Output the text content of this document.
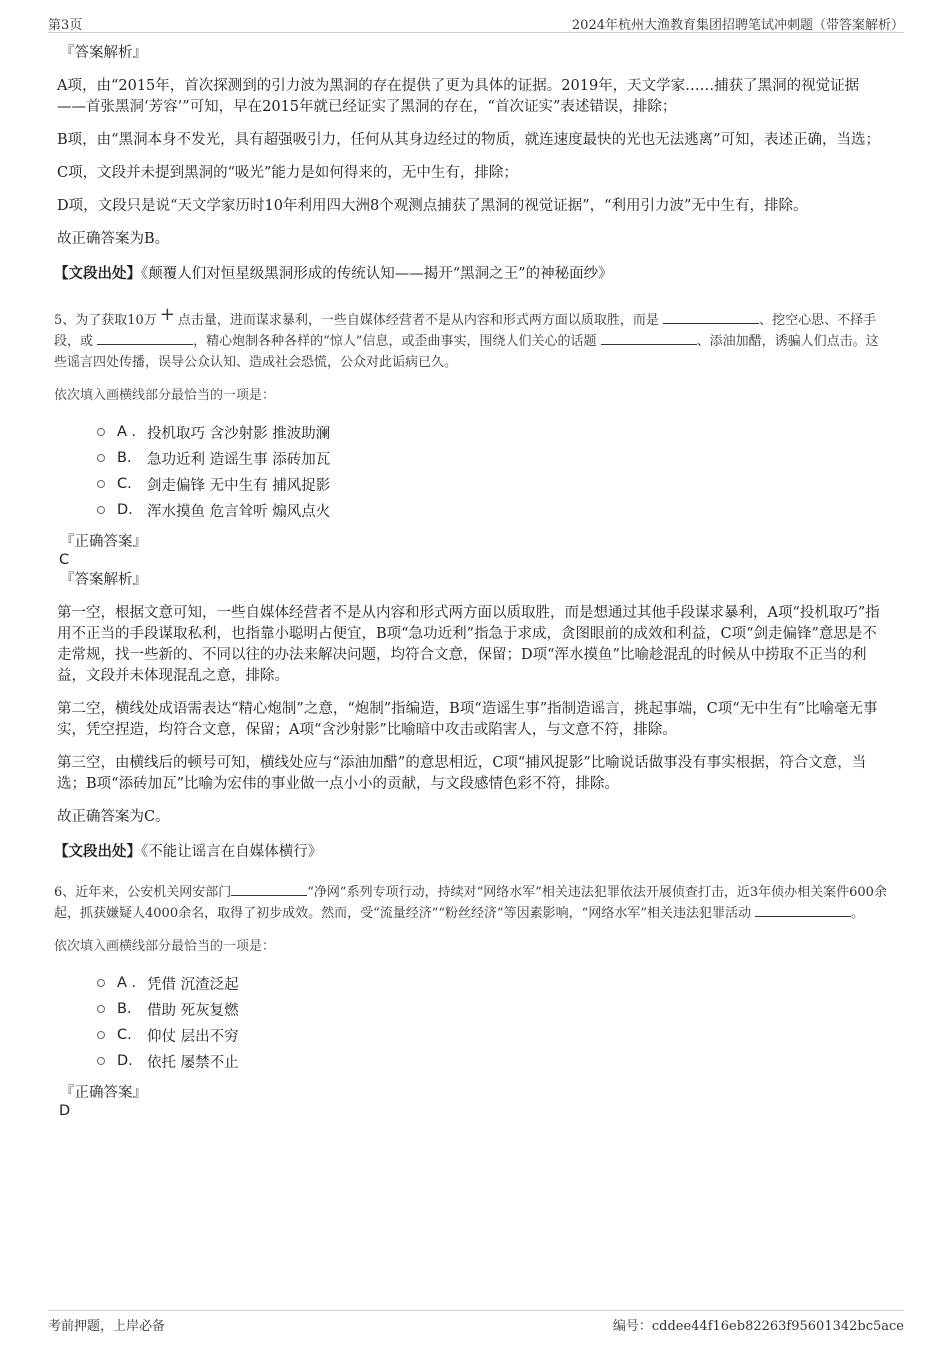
第3页	2024年杭州大渔教育集团招聘笔试冲刺题（带答案解析）
『答案解析』

A项，由“2015年，首次探测到的引力波为黑洞的存在提供了更为具体的证据。2019年，天文学家……捕获了黑洞的视觉证据——首张黑洞‘芳容’”可知，早在2015年就已经证实了黑洞的存在，“首次证实”表述错误，排除；

B项，由“黑洞本身不发光，具有超强吸引力，任何从其身边经过的物质，就连速度最快的光也无法逃离”可知，表述正确，当选；

C项，文段并未提到黑洞的“吸光”能力是如何得来的，无中生有，排除；

D项，文段只是说“天文学家历时10年利用四大洲8个观测点捕获了黑洞的视觉证据”，“利用引力波”无中生有，排除。

故正确答案为B。

【文段出处】《颠覆人们对恒星级黑洞形成的传统认知——揭开“黑洞之王”的神秘面纱》
5、为了获取10万 + 点击量，进而谋求暴利，一些自媒体经营者不是从内容和形式两方面以质取胜，而是	、挖空心思、不择手段，或	，精心炮制各种各样的“惊人”信息，或歪曲事实，围绕人们关心的话题	、添油加醋，诱骗人们点击。这些谣言四处传播，误导公众认知、造成社会恐慌，公众对此诟病已久。
依次填入画横线部分最恰当的一项是：
A . 投机取巧 含沙射影 推波助澜
B.	急功近利 造谣生事 添砖加瓦
C.	剑走偏锋 无中生有 捕风捉影
D. 浑水摸鱼 危言耸听 煽风点火
『正确答案』
C
『答案解析』

第一空，根据文意可知，一些自媒体经营者不是从内容和形式两方面以质取胜，而是想通过其他手段谋求暴利，A项“投机取巧”指用不正当的手段谋取私利，也指靠小聪明占便宜，B项“急功近利”指急于求成，贪图眼前的成效和利益，C项“剑走偏锋”意思是不走常规，找一些新的、不同以往的办法来解决问题，均符合文意，保留；D项“浑水摸鱼”比喻趁混乱的时候从中捞取不正当的利益，文段并未体现混乱之意，排除。

第二空，横线处成语需表达“精心炮制”之意，“炮制”指编造，B项“造谣生事”指制造谣言，挑起事端，C项“无中生有”比喻毫无事实，凭空捏造，均符合文意，保留；A项“含沙射影”比喻暗中攻击或陷害人，与文意不符，排除。

第三空，由横线后的顿号可知，横线处应与“添油加醋”的意思相近，C项“捕风捉影”比喻说话做事没有事实根据，符合文意，当选；B项“添砖加瓦”比喻为宏伟的事业做一点小小的贡献，与文段感情色彩不符，排除。

故正确答案为C。

【文段出处】《不能让谣言在自媒体横行》
6、近年来，公安机关网安部门	“净网”系列专项行动，持续对“网络水军”相关违法犯罪依法开展侦查打击，近3年侦办相关案件600余起，抓获嫌疑人4000余名，取得了初步成效。然而，受“流量经济”“粉丝经济”等因素影响，“网络水军”相关违法犯罪活动	。
依次填入画横线部分最恰当的一项是：
A . 凭借 沉渣泛起
B.	借助 死灰复燃
C.	仰仗 层出不穷
D. 依托 屡禁不止
『正确答案』
D
考前押题，上岸必备	编号：cddee44f16eb82263f95601342bc5ace
